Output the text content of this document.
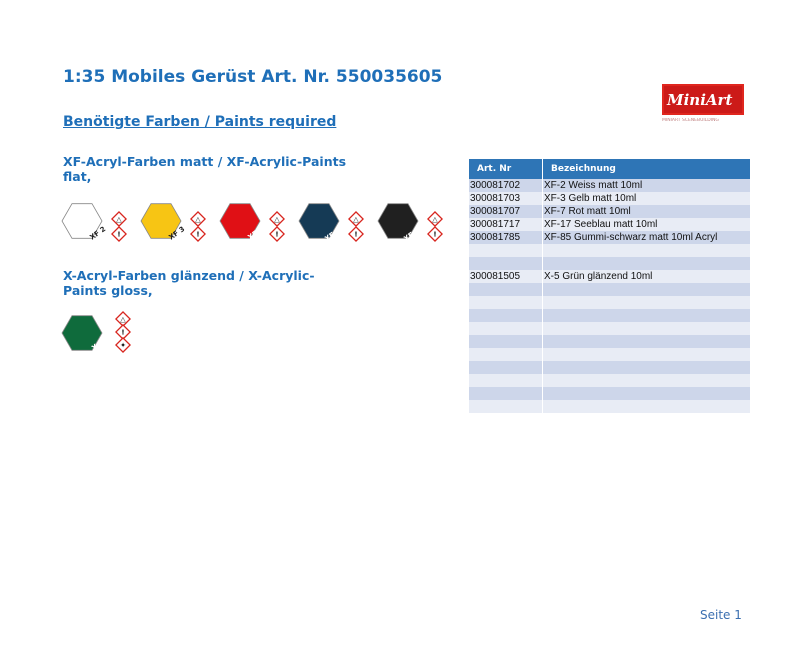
1:35 Mobiles Gerüst Art. Nr. 550035605
Benötigte Farben / Paints required
MiniArt
MINIART SCENEBUILDING
XF-Acryl-Farben matt / XF-Acrylic-Paints flat,
XF 2
△
!	XF 3
△
!	XF 7
△
!	XF 17
△
!	XF 85
△
!
X-Acryl-Farben glänzend / X-Acrylic-Paints gloss,
X 5
△
!
✦
Art. Nr	Bezeichnung
300081702	XF-2 Weiss matt 10ml
300081703	XF-3 Gelb matt 10ml
300081707	XF-7 Rot matt 10ml
300081717	XF-17 Seeblau matt 10ml
300081785	XF-85 Gummi-schwarz matt 10ml Acryl

300081505	X-5 Grün glänzend 10ml

Seite 1
